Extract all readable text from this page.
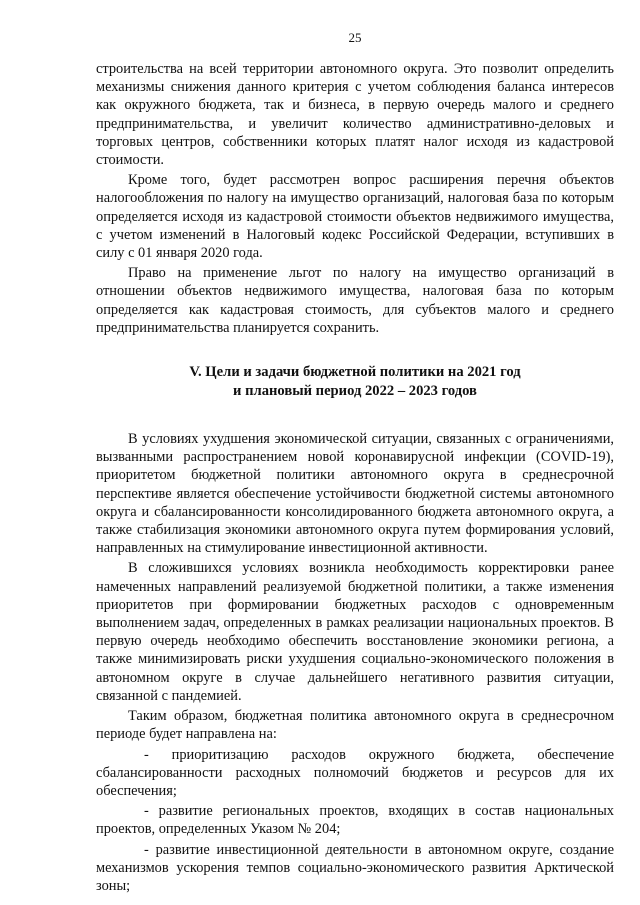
25

строительства на всей территории автономного округа. Это позволит определить механизмы снижения данного критерия с учетом соблюдения баланса интересов как окружного бюджета, так и бизнеса, в первую очередь малого и среднего предпринимательства, и увеличит количество административно-деловых и торговых центров, собственники которых платят налог исходя из кадастровой стоимости.

Кроме того, будет рассмотрен вопрос расширения перечня объектов налогообложения по налогу на имущество организаций, налоговая база по которым определяется исходя из кадастровой стоимости объектов недвижимого имущества, с учетом изменений в Налоговый кодекс Российской Федерации, вступивших в силу с 01 января 2020 года.

Право на применение льгот по налогу на имущество организаций в отношении объектов недвижимого имущества, налоговая база по которым определяется как кадастровая стоимость, для субъектов малого и среднего предпринимательства планируется сохранить.

V. Цели и задачи бюджетной политики на 2021 год
и плановый период 2022 – 2023 годов

В условиях ухудшения экономической ситуации, связанных с ограничениями, вызванными распространением новой коронавирусной инфекции (COVID-19), приоритетом бюджетной политики автономного округа в среднесрочной перспективе является обеспечение устойчивости бюджетной системы автономного округа и сбалансированности консолидированного бюджета автономного округа, а также стабилизация экономики автономного округа путем формирования условий, направленных на стимулирование инвестиционной активности.

В сложившихся условиях возникла необходимость корректировки ранее намеченных направлений реализуемой бюджетной политики, а также изменения приоритетов при формировании бюджетных расходов с одновременным выполнением задач, определенных в рамках реализации национальных проектов. В первую очередь необходимо обеспечить восстановление экономики региона, а также минимизировать риски ухудшения социально-экономического положения в автономном округе в случае дальнейшего негативного развития ситуации, связанной с пандемией.

Таким образом, бюджетная политика автономного округа в среднесрочном периоде будет направлена на:

- приоритизацию расходов окружного бюджета, обеспечение сбалансированности расходных полномочий бюджетов и ресурсов для их обеспечения;

- развитие региональных проектов, входящих в состав национальных проектов, определенных Указом № 204;

- развитие инвестиционной деятельности в автономном округе, создание механизмов ускорения темпов социально-экономического развития Арктической зоны;
